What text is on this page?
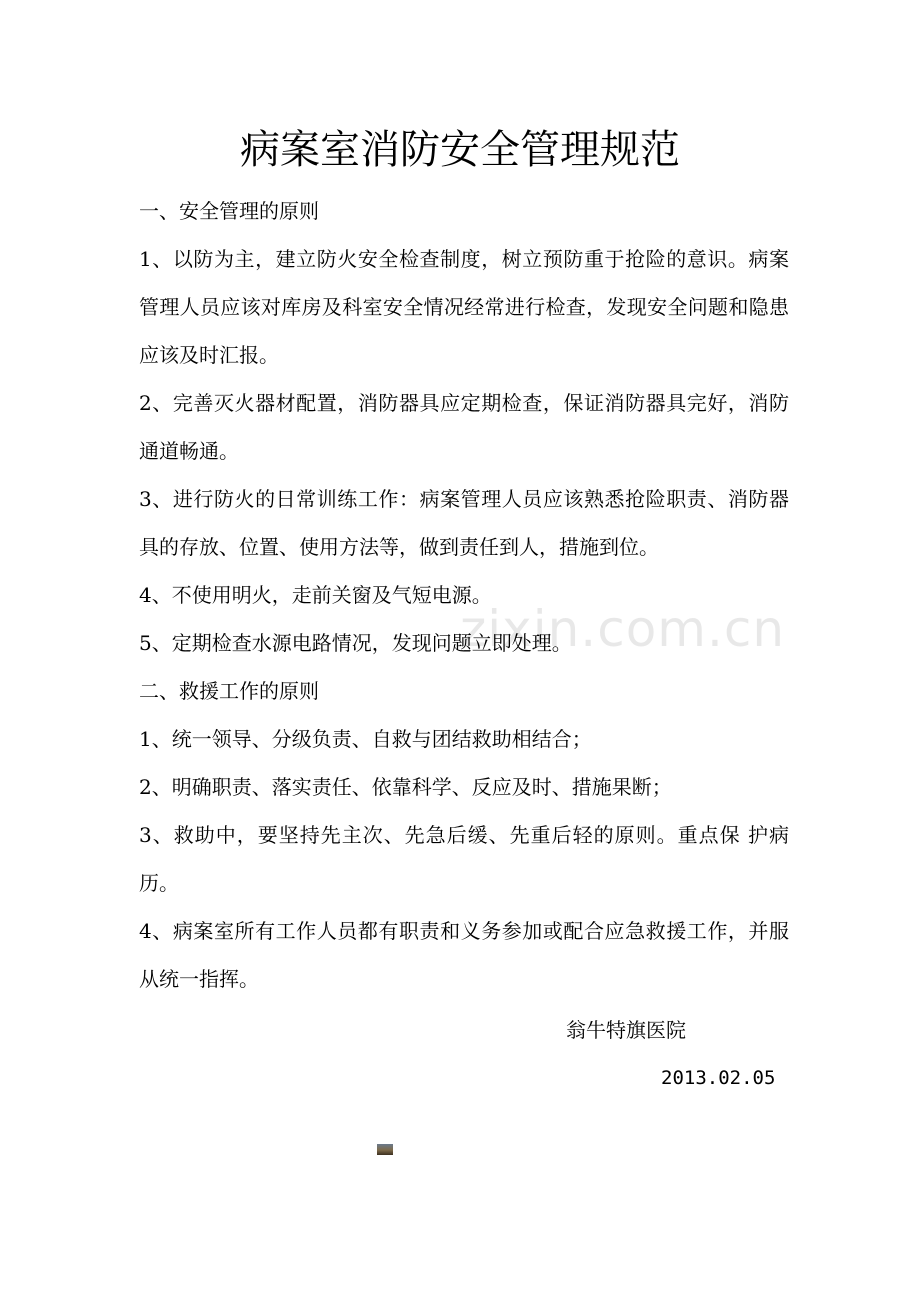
病案室消防安全管理规范

一、安全管理的原则

1、以防为主，建立防火安全检查制度，树立预防重于抢险的意识。病案管理人员应该对库房及科室安全情况经常进行检查，发现安全问题和隐患应该及时汇报。

2、完善灭火器材配置，消防器具应定期检查，保证消防器具完好，消防通道畅通。

3、进行防火的日常训练工作：病案管理人员应该熟悉抢险职责、消防器具的存放、位置、使用方法等，做到责任到人，措施到位。

4、不使用明火，走前关窗及气短电源。

5、定期检查水源电路情况，发现问题立即处理。

二、救援工作的原则

1、统一领导、分级负责、自救与团结救助相结合；

2、明确职责、落实责任、依靠科学、反应及时、措施果断；

3、救助中，要坚持先主次、先急后缓、先重后轻的原则。重点保 护病历。

4、病案室所有工作人员都有职责和义务参加或配合应急救援工作，并服从统一指挥。

翁牛特旗医院
2013.02.05
zixin.com.cn
